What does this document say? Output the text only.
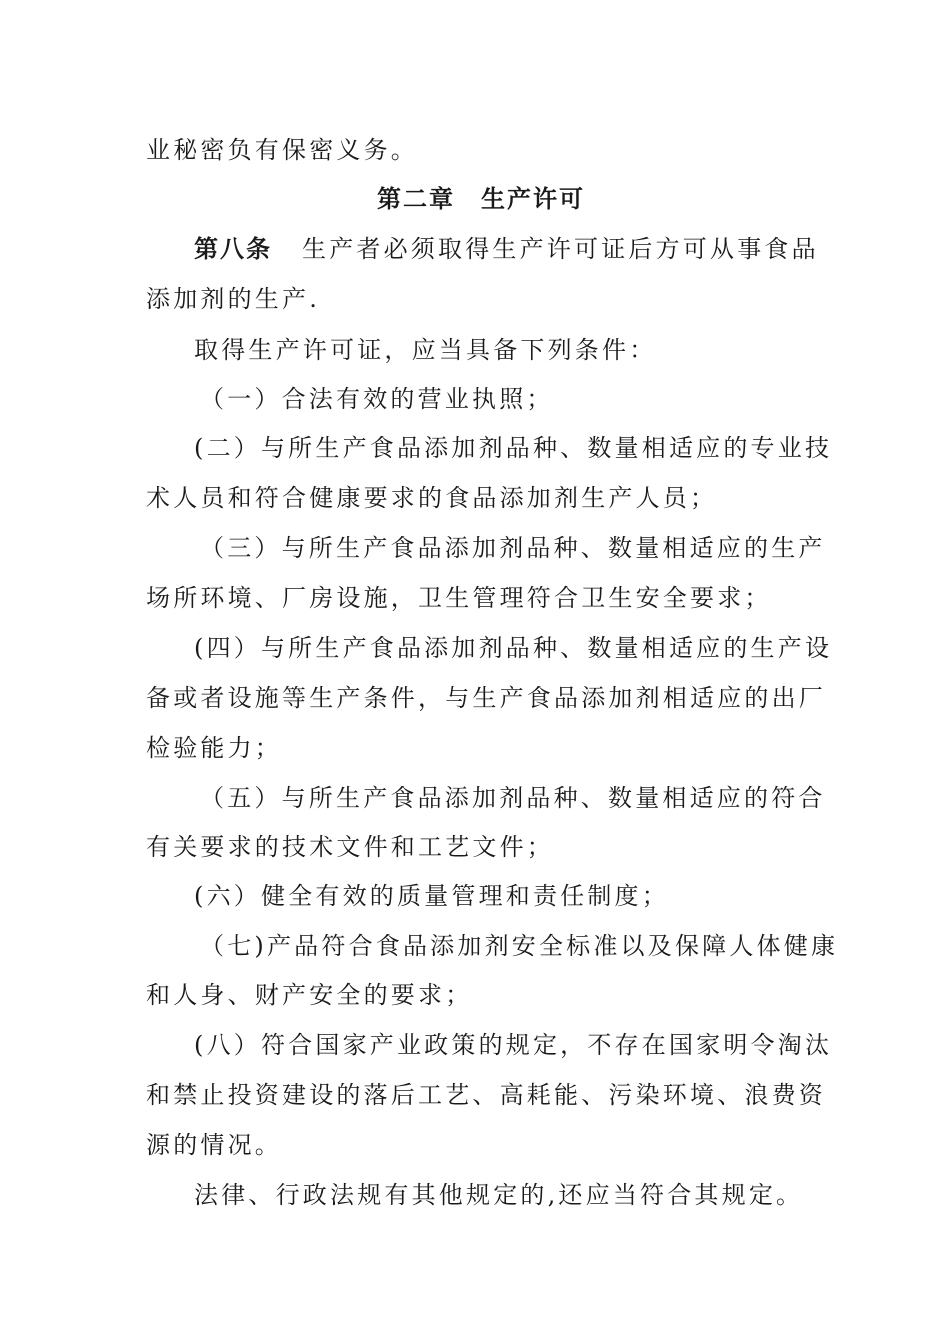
业秘密负有保密义务。
第二章　生产许可
第八条 生产者必须取得生产许可证后方可从事食品
添加剂的生产.
取得生产许可证，应当具备下列条件：
（一）合法有效的营业执照；
(二）与所生产食品添加剂品种、数量相适应的专业技
术人员和符合健康要求的食品添加剂生产人员；
（三）与所生产食品添加剂品种、数量相适应的生产
场所环境、厂房设施，卫生管理符合卫生安全要求；
(四）与所生产食品添加剂品种、数量相适应的生产设
备或者设施等生产条件，与生产食品添加剂相适应的出厂
检验能力；
（五）与所生产食品添加剂品种、数量相适应的符合
有关要求的技术文件和工艺文件；
(六）健全有效的质量管理和责任制度；
（七)产品符合食品添加剂安全标准以及保障人体健康
和人身、财产安全的要求；
(八）符合国家产业政策的规定，不存在国家明令淘汰
和禁止投资建设的落后工艺、高耗能、污染环境、浪费资
源的情况。
法律、行政法规有其他规定的,还应当符合其规定。
